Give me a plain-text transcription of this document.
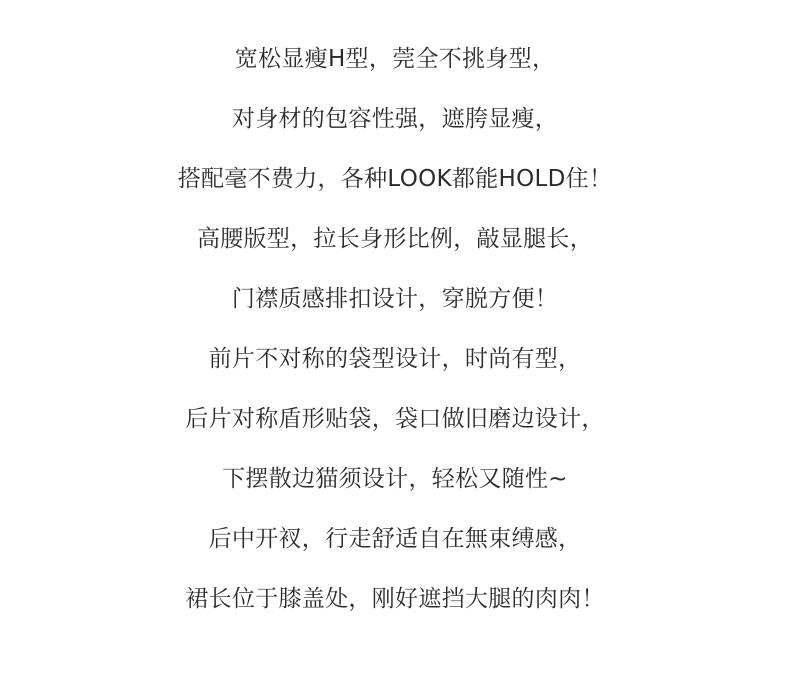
宽松显瘦H型，莞全不挑身型，
对身材的包容性强，遮胯显瘦，
搭配毫不费力，各种LOOK都能HOLD住！
高腰版型，拉长身形比例，敲显腿长，
门襟质感排扣设计，穿脱方便！
前片不对称的袋型设计，时尚有型，
后片对称盾形贴袋，袋口做旧磨边设计，
下摆散边猫须设计，轻松又随性~
后中开衩，行走舒适自在無束缚感，
裙长位于膝盖处，刚好遮挡大腿的肉肉！
